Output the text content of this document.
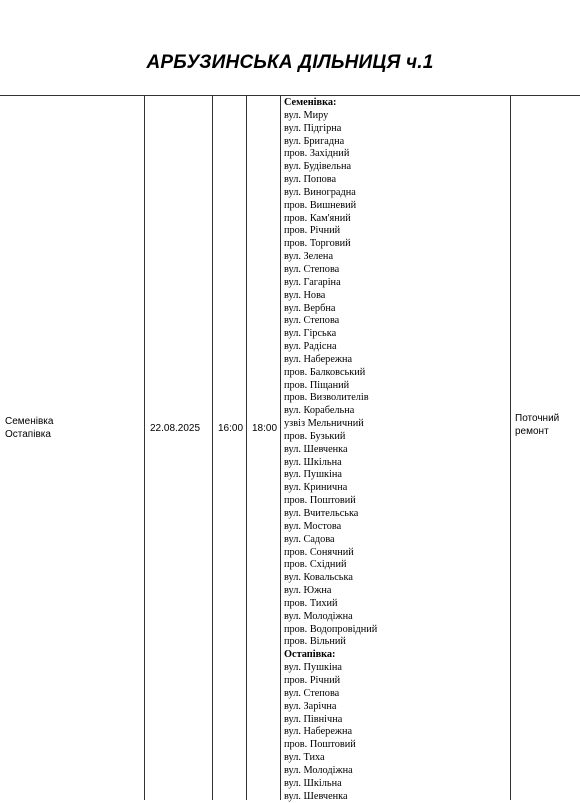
АРБУЗИНСЬКА ДІЛЬНИЦЯ ч.1
Семенівка
Остапівка
22.08.2025 16:00 18:00
Поточний
ремонт
Семенівка:
вул. Миру
вул. Підгірна
вул. Бригадна
пров. Західний
вул. Будівельна
вул. Попова
вул. Виноградна
пров. Вишневий
пров. Кам'яний
пров. Річний
пров. Торговий
вул. Зелена
вул. Степова
вул. Гагаріна
вул. Нова
вул. Вербна
вул. Степова
вул. Гірська
вул. Радісна
вул. Набережна
пров. Балковський
пров. Піщаний
пров. Визволителів
вул. Корабельна
узвіз Мельничний
пров. Бузький
вул. Шевченка
вул. Шкільна
вул. Пушкіна
вул. Кринична
пров. Поштовий
вул. Вчительська
вул. Мостова
вул. Садова
пров. Сонячний
пров. Східний
вул. Ковальська
вул. Южна
пров. Тихий
вул. Молодіжна
пров. Водопровідний
пров. Вільний
Остапівка:
вул. Пушкіна
пров. Річний
вул. Степова
вул. Зарічна
вул. Північна
вул. Набережна
пров. Поштовий
вул. Тиха
вул. Молодіжна
вул. Шкільна
вул. Шевченка
